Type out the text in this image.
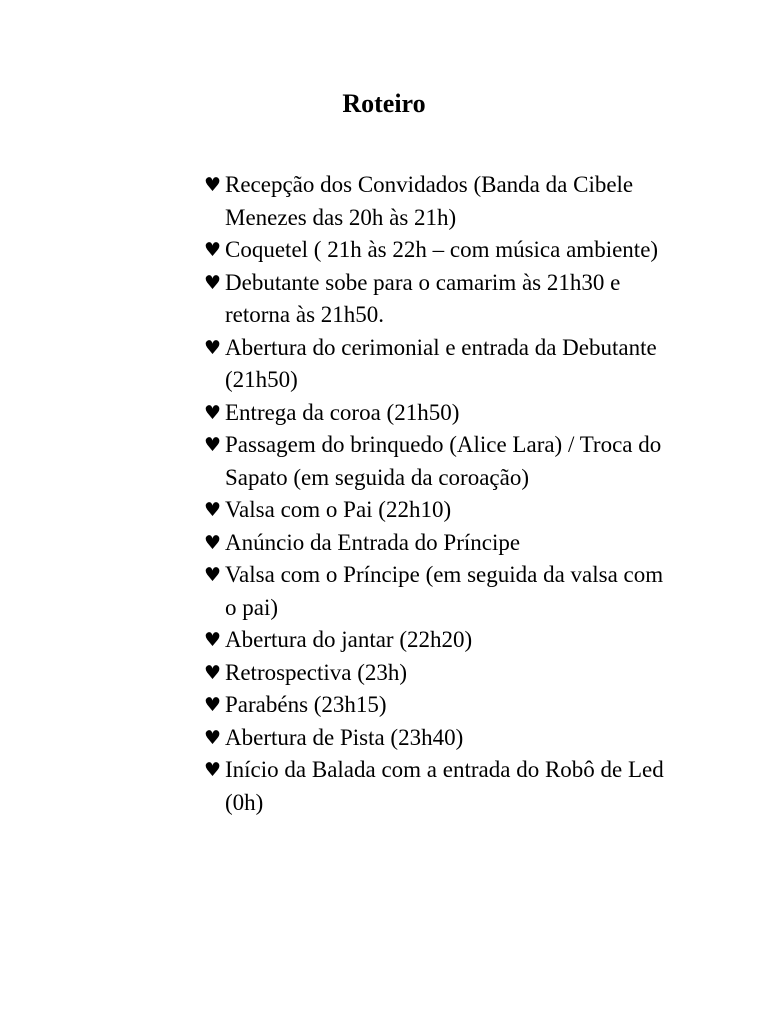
Roteiro
♥ Recepção dos Convidados (Banda da Cibele Menezes das 20h às 21h)
♥ Coquetel ( 21h às 22h – com música ambiente)
♥ Debutante sobe para o camarim às 21h30 e retorna às 21h50.
♥ Abertura do cerimonial e entrada da Debutante (21h50)
♥ Entrega da coroa (21h50)
♥ Passagem do brinquedo (Alice Lara) / Troca do Sapato (em seguida da coroação)
♥ Valsa com o Pai (22h10)
♥ Anúncio da Entrada do Príncipe
♥ Valsa com o Príncipe (em seguida da valsa com o pai)
♥ Abertura do jantar (22h20)
♥ Retrospectiva (23h)
♥ Parabéns (23h15)
♥ Abertura de Pista (23h40)
♥ Início da Balada com a entrada do Robô de Led (0h)
